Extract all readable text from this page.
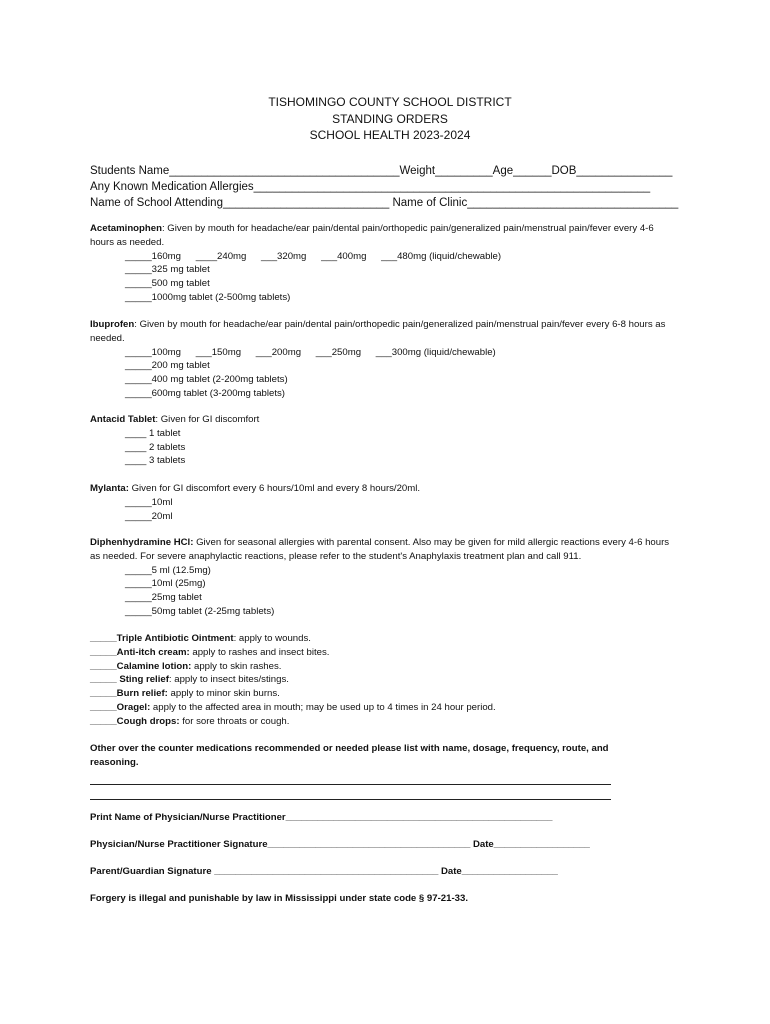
TISHOMINGO COUNTY SCHOOL DISTRICT
STANDING ORDERS
SCHOOL HEALTH 2023-2024
Students Name____________________________________Weight_________Age______DOB_______________
Any Known Medication Allergies______________________________________________________________
Name of School Attending__________________________ Name of Clinic_________________________________
Acetaminophen: Given by mouth for headache/ear pain/dental pain/orthopedic pain/generalized pain/menstrual pain/fever every 4-6 hours as needed.
_____160mg ____240mg ___320mg ___400mg ___480mg (liquid/chewable)
_____325 mg tablet
_____500 mg tablet
_____1000mg tablet (2-500mg tablets)
Ibuprofen: Given by mouth for headache/ear pain/dental pain/orthopedic pain/generalized pain/menstrual pain/fever every 6-8 hours as needed.
_____100mg ___150mg ___200mg ___250mg ___300mg (liquid/chewable)
_____200 mg tablet
_____400 mg tablet (2-200mg tablets)
_____600mg tablet (3-200mg tablets)
Antacid Tablet: Given for GI discomfort
____ 1 tablet
____ 2 tablets
____ 3 tablets
Mylanta: Given for GI discomfort every 6 hours/10ml and every 8 hours/20ml.
_____10ml
_____20ml
Diphenhydramine HCl: Given for seasonal allergies with parental consent. Also may be given for mild allergic reactions every 4-6 hours as needed. For severe anaphylactic reactions, please refer to the student's Anaphylaxis treatment plan and call 911.
_____5 ml (12.5mg)
_____10ml (25mg)
_____25mg tablet
_____50mg tablet (2-25mg tablets)
_____Triple Antibiotic Ointment: apply to wounds.
_____Anti-itch cream: apply to rashes and insect bites.
_____Calamine lotion: apply to skin rashes.
_____ Sting relief: apply to insect bites/stings.
_____Burn relief: apply to minor skin burns.
_____Oragel: apply to the affected area in mouth; may be used up to 4 times in 24 hour period.
_____Cough drops: for sore throats or cough.
Other over the counter medications recommended or needed please list with name, dosage, frequency, route, and reasoning.
Print Name of Physician/Nurse Practitioner__________________________________________________
Physician/Nurse Practitioner Signature______________________________________ Date__________________
Parent/Guardian Signature __________________________________________ Date__________________
Forgery is illegal and punishable by law in Mississippi under state code § 97-21-33.
